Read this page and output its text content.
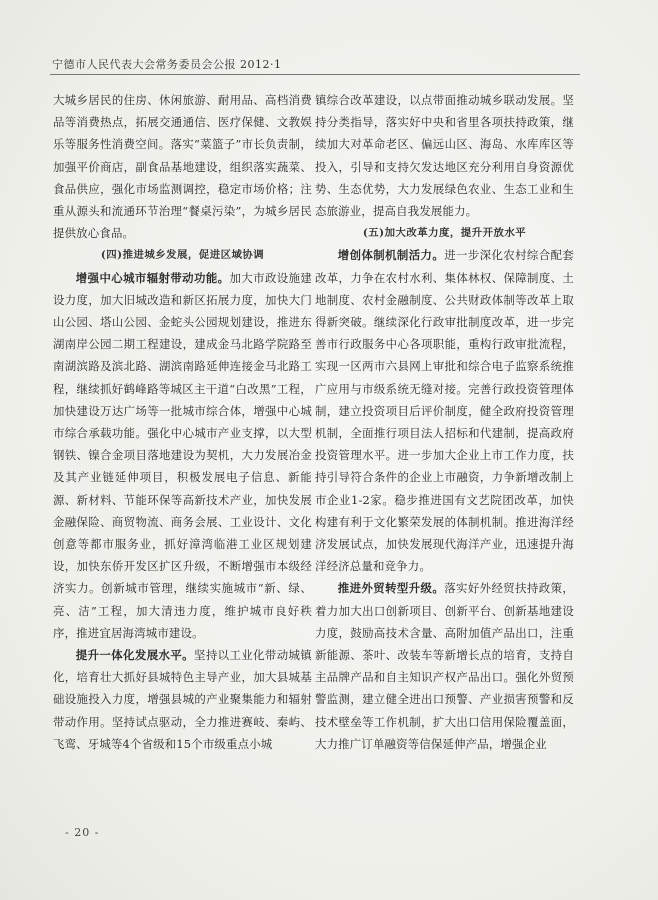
宁德市人民代表大会常务委员会公报 2012·1

大城乡居民的住房、休闲旅游、耐用品、高档消费品等消费热点，拓展交通通信、医疗保健、文教娱乐等服务性消费空间。落实“菜篮子”市长负责制，加强平价商店，副食品基地建设，组织落实蔬菜、食品供应，强化市场监测调控，稳定市场价格；注重从源头和流通环节治理“餐桌污染”，为城乡居民提供放心食品。

(四)推进城乡发展，促进区域协调

增强中心城市辐射带动功能。加大市政设施建设力度，加大旧城改造和新区拓展力度，加快大门山公园、塔山公园、金蛇头公园规划建设，推进东湖南岸公园二期工程建设，建成金马北路学院路至南湖滨路及滨北路、湖滨南路延伸连接金马北路工程，继续抓好鹤峰路等城区主干道“白改黑”工程，加快建设万达广场等一批城市综合体，增强中心城市综合承载功能。强化中心城市产业支撑，以大型钢铁、镍合金项目落地建设为契机，大力发展冶金及其产业链延伸项目，积极发展电子信息、新能源、新材料、节能环保等高新技术产业，加快发展金融保险、商贸物流、商务会展、工业设计、文化创意等都市服务业，抓好漳湾临港工业区规划建设，加快东侨开发区扩区升级，不断增强市本级经济实力。创新城市管理，继续实施城市“新、绿、亮、洁”工程，加大清违力度，维护城市良好秩序，推进宜居海湾城市建设。

提升一体化发展水平。坚持以工业化带动城镇化，培育壮大抓好县城特色主导产业，加大县城基础设施投入力度，增强县城的产业聚集能力和辐射带动作用。坚持试点驱动，全力推进赛岐、秦屿、飞鸾、牙城等4个省级和15个市级重点小城

镇综合改革建设，以点带面推动城乡联动发展。坚持分类指导，落实好中央和省里各项扶持政策，继续加大对革命老区、偏远山区、海岛、水库库区等投入，引导和支持欠发达地区充分利用自身资源优势、生态优势，大力发展绿色农业、生态工业和生态旅游业，提高自我发展能力。

(五)加大改革力度，提升开放水平

增创体制机制活力。进一步深化农村综合配套改革，力争在农村水利、集体林权、保障制度、土地制度、农村金融制度、公共财政体制等改革上取得新突破。继续深化行政审批制度改革，进一步完善市行政服务中心各项职能，重构行政审批流程，实现一区两市六县网上审批和综合电子监察系统推广应用与市级系统无缝对接。完善行政投资管理体制，建立投资项目后评价制度，健全政府投资管理机制，全面推行项目法人招标和代建制，提高政府投资管理水平。进一步加大企业上市工作力度，扶持引导符合条件的企业上市融资，力争新增改制上市企业1-2家。稳步推进国有文艺院团改革，加快构建有利于文化繁荣发展的体制机制。推进海洋经济发展试点，加快发展现代海洋产业，迅速提升海洋经济总量和竞争力。

推进外贸转型升级。落实好外经贸扶持政策，着力加大出口创新项目、创新平台、创新基地建设力度，鼓励高技术含量、高附加值产品出口，注重新能源、茶叶、改装车等新增长点的培育，支持自主品牌产品和自主知识产权产品出口。强化外贸预警监测，建立健全进出口预警、产业损害预警和反技术壁垒等工作机制，扩大出口信用保险覆盖面，大力推广订单融资等信保延伸产品，增强企业

- 20 -
